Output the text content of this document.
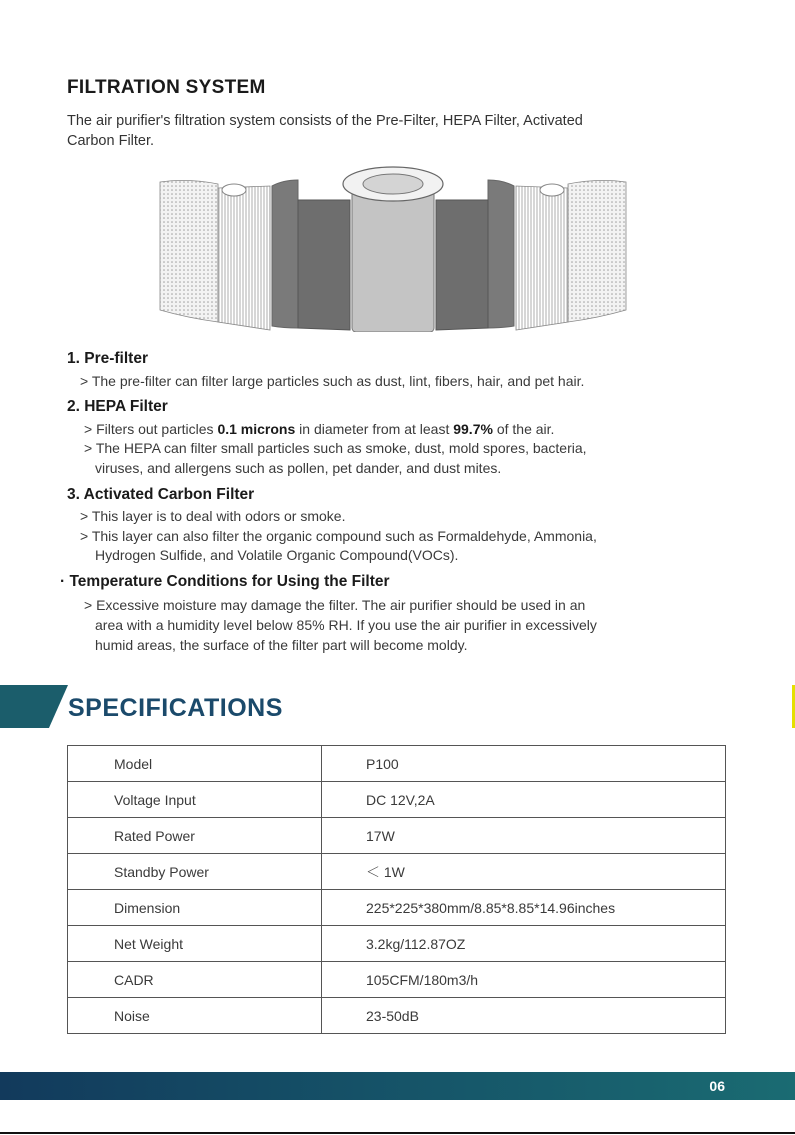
FILTRATION SYSTEM
The air purifier's filtration system consists of the Pre-Filter, HEPA Filter, Activated
Carbon Filter.
1. Pre-filter
> The pre-filter can filter large particles such as dust, lint, fibers, hair, and pet hair.
2. HEPA Filter
> Filters out particles 0.1 microns in diameter from at least 99.7% of the air.
> The HEPA can filter small particles such as smoke, dust, mold spores, bacteria,
viruses, and allergens such as pollen, pet dander, and dust mites.
3. Activated Carbon Filter
> This layer is to deal with odors or smoke.
> This layer can also filter the organic compound such as Formaldehyde, Ammonia,
Hydrogen Sulfide, and Volatile Organic Compound(VOCs).
· Temperature Conditions for Using the Filter
> Excessive moisture may damage the filter. The air purifier should be used in an
area with a humidity level below 85% RH. If you use the air purifier in excessively
humid areas, the surface of the filter part will become moldy.
SPECIFICATIONS
Model	P100
Voltage Input	DC 12V,2A
Rated Power	17W
Standby Power	＜ 1W
Dimension	225*225*380mm/8.85*8.85*14.96inches
Net Weight	3.2kg/112.87OZ
CADR	105CFM/180m3/h
Noise	23-50dB
06
